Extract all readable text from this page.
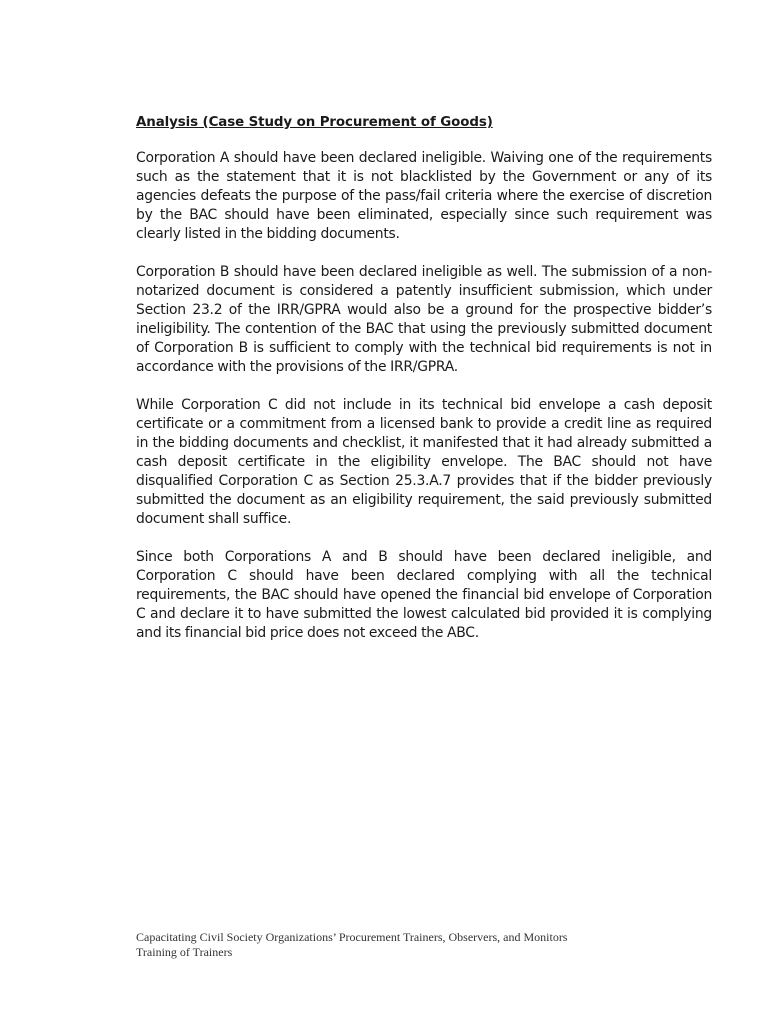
Analysis (Case Study on Procurement of Goods)

Corporation A should have been declared ineligible. Waiving one of the requirements such as the statement that it is not blacklisted by the Government or any of its agencies defeats the purpose of the pass/fail criteria where the exercise of discretion by the BAC should have been eliminated, especially since such requirement was clearly listed in the bidding documents.

Corporation B should have been declared ineligible as well. The submission of a non-notarized document is considered a patently insufficient submission, which under Section 23.2 of the IRR/GPRA would also be a ground for the prospective bidder’s ineligibility. The contention of the BAC that using the previously submitted document of Corporation B is sufficient to comply with the technical bid requirements is not in accordance with the provisions of the IRR/GPRA.

While Corporation C did not include in its technical bid envelope a cash deposit certificate or a commitment from a licensed bank to provide a credit line as required in the bidding documents and checklist, it manifested that it had already submitted a cash deposit certificate in the eligibility envelope. The BAC should not have disqualified Corporation C as Section 25.3.A.7 provides that if the bidder previously submitted the document as an eligibility requirement, the said previously submitted document shall suffice.

Since both Corporations A and B should have been declared ineligible, and Corporation C should have been declared complying with all the technical requirements, the BAC should have opened the financial bid envelope of Corporation C and declare it to have submitted the lowest calculated bid provided it is complying and its financial bid price does not exceed the ABC.

Capacitating Civil Society Organizations’ Procurement Trainers, Observers, and Monitors
Training of Trainers
